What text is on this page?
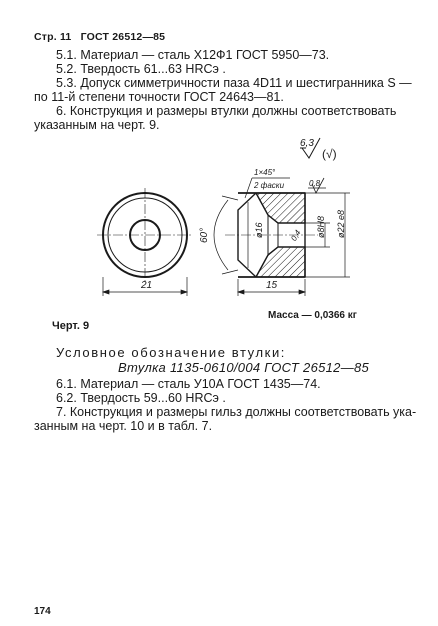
Стр. 11 ГОСТ 26512—85
5.1. Материал — сталь Х12Ф1 ГОСТ 5950—73.
5.2. Твердость 61...63 HRCэ .
5.3. Допуск симметричности паза 4D11 и шестигранника S —
по 11-й степени точности ГОСТ 24643—81.
6. Конструкция и размеры втулки должны соответствовать
указанным на черт. 9.
21
60°	ø16	ø8H8 ø22 e8
0,4
15
1×45°
2 фаски	0,8
6,3
(√)
Масса — 0,0366 кг
Черт. 9
Условное обозначение втулки:
Втулка 1135-0610/004 ГОСТ 26512—85
6.1. Материал — сталь У10А ГОСТ 1435—74.
6.2. Твердость 59...60 HRCэ .
7. Конструкция и размеры гильз должны соответствовать ука-
занным на черт. 10 и в табл. 7.
174
